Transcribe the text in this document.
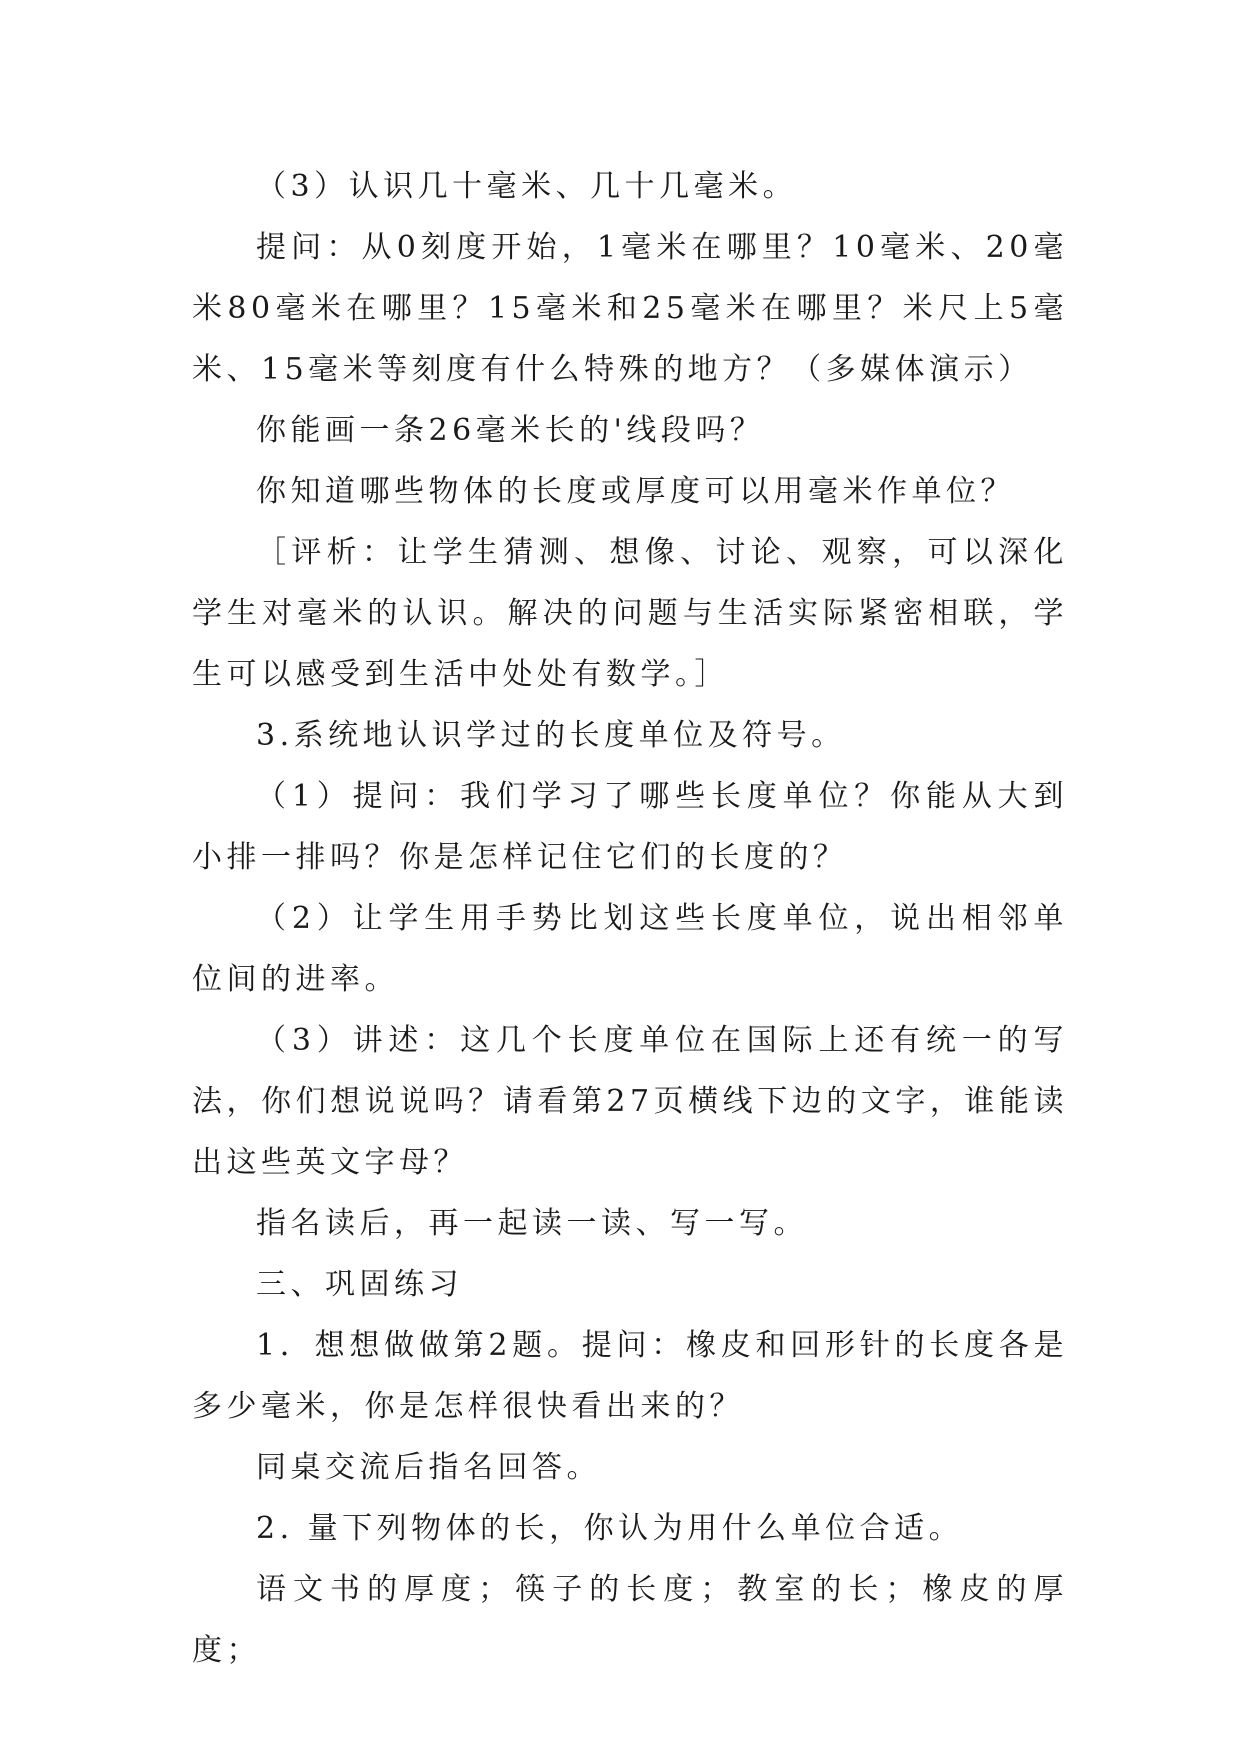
（3）认识几十毫米、几十几毫米。

提问：从0刻度开始，1毫米在哪里？10毫米、20毫米80毫米在哪里？15毫米和25毫米在哪里？米尺上5毫米、15毫米等刻度有什么特殊的地方？（多媒体演示）

你能画一条26毫米长的'线段吗？

你知道哪些物体的长度或厚度可以用毫米作单位？

［评析：让学生猜测、想像、讨论、观察，可以深化学生对毫米的认识。解决的问题与生活实际紧密相联，学生可以感受到生活中处处有数学。］

3.系统地认识学过的长度单位及符号。

（1）提问：我们学习了哪些长度单位？你能从大到小排一排吗？你是怎样记住它们的长度的？

（2）让学生用手势比划这些长度单位，说出相邻单位间的进率。

（3）讲述：这几个长度单位在国际上还有统一的写法，你们想说说吗？请看第27页横线下边的文字，谁能读出这些英文字母？

指名读后，再一起读一读、写一写。

三、巩固练习

1．想想做做第2题。提问：橡皮和回形针的长度各是多少毫米，你是怎样很快看出来的？

同桌交流后指名回答。

2. 量下列物体的长，你认为用什么单位合适。

语文书的厚度；筷子的长度；教室的长；橡皮的厚度；
